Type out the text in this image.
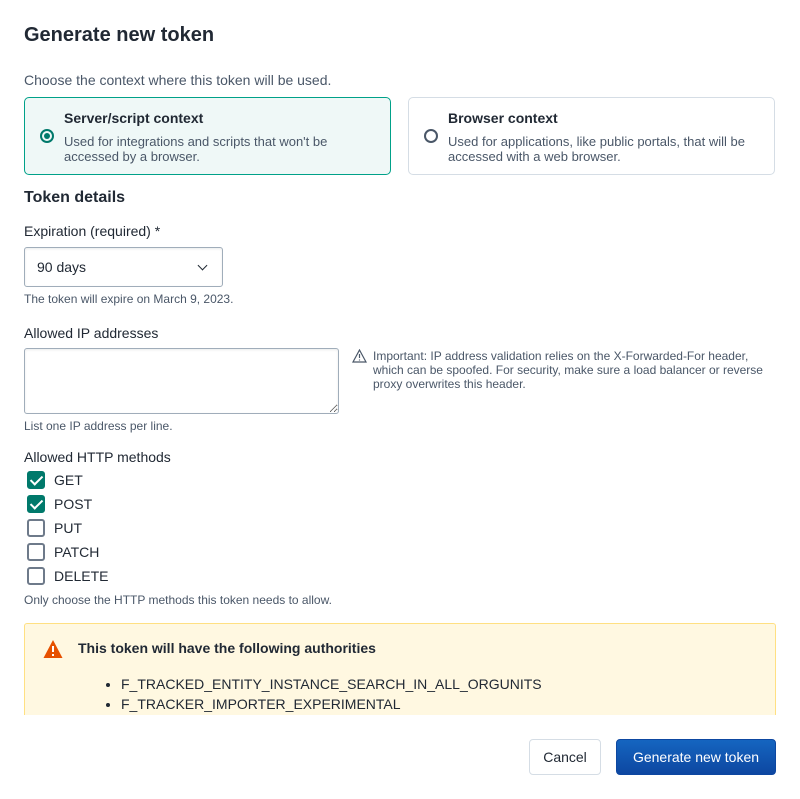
Generate new token
Choose the context where this token will be used.
Server/script context
Used for integrations and scripts that won't be accessed by a browser.
Browser context
Used for applications, like public portals, that will be accessed with a web browser.
Token details
Expiration (required) *
90 days
The token will expire on March 9, 2023.
Allowed IP addresses
Important: IP address validation relies on the X-Forwarded-For header, which can be spoofed. For security, make sure a load balancer or reverse proxy overwrites this header.
List one IP address per line.
Allowed HTTP methods
GET
POST
PUT
PATCH
DELETE
Only choose the HTTP methods this token needs to allow.
This token will have the following authorities
• F_TRACKED_ENTITY_INSTANCE_SEARCH_IN_ALL_ORGUNITS
• F_TRACKER_IMPORTER_EXPERIMENTAL
Cancel	Generate new token
